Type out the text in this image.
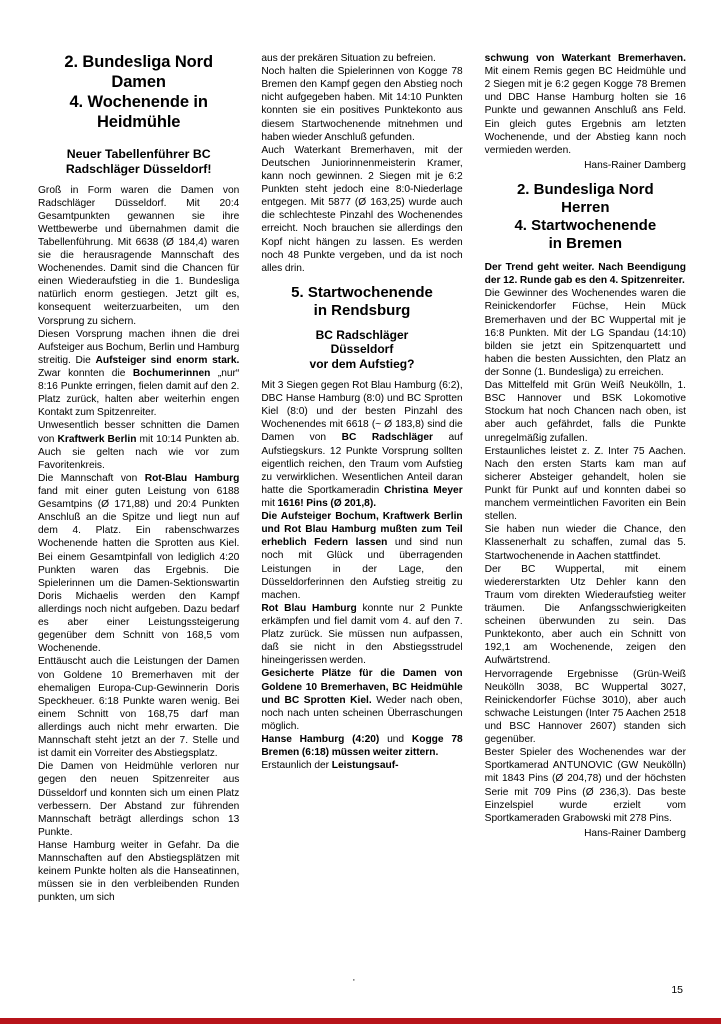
2. Bundesliga Nord Damen
4. Wochenende in Heidmühle
Neuer Tabellenführer BC
Radschläger Düsseldorf!

Groß in Form waren die Damen von Radschläger Düsseldorf. Mit 20:4 Gesamtpunkten gewannen sie ihre Wettbewerbe und übernahmen damit die Tabellenführung. Mit 6638 (Ø 184,4) waren sie die herausragende Mannschaft des Wochenendes. Damit sind die Chancen für einen Wiederaufstieg in die 1. Bundesliga natürlich enorm gestiegen. Jetzt gilt es, konsequent weiterzuarbeiten, um den Vorsprung zu sichern.

Diesen Vorsprung machen ihnen die drei Aufsteiger aus Bochum, Berlin und Hamburg streitig. Die Aufsteiger sind enorm stark. Zwar konnten die Bochumerinnen „nur“ 8:16 Punkte erringen, fielen damit auf den 2. Platz zurück, halten aber weiterhin engen Kontakt zum Spitzenreiter.

Unwesentlich besser schnitten die Damen von Kraftwerk Berlin mit 10:14 Punkten ab. Auch sie gelten nach wie vor zum Favoritenkreis.

Die Mannschaft von Rot-Blau Hamburg fand mit einer guten Leistung von 6188 Gesamtpins (Ø 171,88) und 20:4 Punkten Anschluß an die Spitze und liegt nun auf dem 4. Platz. Ein rabenschwarzes Wochenende hatten die Sprotten aus Kiel. Bei einem Gesamtpinfall von lediglich 4:20 Punkten waren das Ergebnis. Die Spielerinnen um die Damen-Sektionswartin Doris Michaelis werden den Kampf allerdings noch nicht aufgeben. Dazu bedarf es aber einer Leistungssteigerung gegenüber dem Schnitt von 168,5 vom Wochenende.

Enttäuscht auch die Leistungen der Damen von Goldene 10 Bremerhaven mit der ehemaligen Europa-Cup-Gewinnerin Doris Speckheuer. 6:18 Punkte waren wenig. Bei einem Schnitt von 168,75 darf man allerdings auch nicht mehr erwarten. Die Mannschaft steht jetzt an der 7. Stelle und ist damit ein Vorreiter des Abstiegsplatz.

Die Damen von Heidmühle verloren nur gegen den neuen Spitzenreiter aus Düsseldorf und konnten sich um einen Platz verbessern. Der Abstand zur führenden Mannschaft beträgt allerdings schon 13 Punkte.

Hanse Hamburg weiter in Gefahr. Da die Mannschaften auf den Abstiegsplätzen mit keinem Punkte holten als die Hanseatinnen, müssen sie in den verbleibenden Runden punkten, um sich

aus der prekären Situation zu befreien.

Noch halten die Spielerinnen von Kogge 78 Bremen den Kampf gegen den Abstieg noch nicht aufgegeben haben. Mit 14:10 Punkten konnten sie ein positives Punktekonto aus diesem Startwochenende mitnehmen und haben wieder Anschluß gefunden.

Auch Waterkant Bremerhaven, mit der Deutschen Juniorinnenmeisterin Kramer, kann noch gewinnen. 2 Siegen mit je 6:2 Punkten steht jedoch eine 8:0-Niederlage entgegen. Mit 5877 (Ø 163,25) wurde auch die schlechteste Pinzahl des Wochenendes erreicht. Noch brauchen sie allerdings den Kopf nicht hängen zu lassen. Es werden noch 48 Punkte vergeben, und da ist noch alles drin.

5. Startwochenende
in Rendsburg
BC Radschläger
Düsseldorf
vor dem Aufstieg?

Mit 3 Siegen gegen Rot Blau Hamburg (6:2), DBC Hanse Hamburg (8:0) und BC Sprotten Kiel (8:0) und der besten Pinzahl des Wochenendes mit 6618 (~ Ø 183,8) sind die Damen von BC Radschläger auf Aufstiegskurs. 12 Punkte Vorsprung sollten eigentlich reichen, den Traum vom Aufstieg zu verwirklichen. Wesentlichen Anteil daran hatte die Sportkameradin Christina Meyer mit 1616! Pins (Ø 201,8).

Die Aufsteiger Bochum, Kraftwerk Berlin und Rot Blau Hamburg mußten zum Teil erheblich Federn lassen und sind nun noch mit Glück und überragenden Leistungen in der Lage, den Düsseldorferinnen den Aufstieg streitig zu machen.

Rot Blau Hamburg konnte nur 2 Punkte erkämpfen und fiel damit vom 4. auf den 7. Platz zurück. Sie müssen nun aufpassen, daß sie nicht in den Abstiegsstrudel hineingerissen werden.

Gesicherte Plätze für die Damen von Goldene 10 Bremerhaven, BC Heidmühle und BC Sprotten Kiel. Weder nach oben, noch nach unten scheinen Überraschungen möglich.

Hanse Hamburg (4:20) und Kogge 78 Bremen (6:18) müssen weiter zittern.

Erstaunlich der Leistungsauf-

schwung von Waterkant Bremerhaven. Mit einem Remis gegen BC Heidmühle und 2 Siegen mit je 6:2 gegen Kogge 78 Bremen und DBC Hanse Hamburg holten sie 16 Punkte und gewannen Anschluß ans Feld. Ein gleich gutes Ergebnis am letzten Wochenende, und der Abstieg kann noch vermieden werden.

Hans-Rainer Damberg

2. Bundesliga Nord
Herren
4. Startwochenende
in Bremen

Der Trend geht weiter. Nach Beendigung der 12. Runde gab es den 4. Spitzenreiter.

Die Gewinner des Wochenendes waren die Reinickendorfer Füchse, Hein Mück Bremerhaven und der BC Wuppertal mit je 16:8 Punkten. Mit der LG Spandau (14:10) bilden sie jetzt ein Spitzenquartett und haben die besten Aussichten, den Platz an der Sonne (1. Bundesliga) zu erreichen.

Das Mittelfeld mit Grün Weiß Neukölln, 1. BSC Hannover und BSK Lokomotive Stockum hat noch Chancen nach oben, ist aber auch gefährdet, falls die Punkte unregelmäßig zufallen.

Erstaunliches leistet z. Z. Inter 75 Aachen. Nach den ersten Starts kam man auf sicherer Absteiger gehandelt, holen sie Punkt für Punkt auf und konnten dabei so manchem vermeintlichen Favoriten ein Bein stellen.

Sie haben nun wieder die Chance, den Klassenerhalt zu schaffen, zumal das 5. Startwochenende in Aachen stattfindet.

Der BC Wuppertal, mit einem wiedererstarkten Utz Dehler kann den Traum vom direkten Wiederaufstieg weiter träumen. Die Anfangsschwierigkeiten scheinen überwunden zu sein. Das Punktekonto, aber auch ein Schnitt von 192,1 am Wochenende, zeigen den Aufwärtstrend.

Hervorragende Ergebnisse (Grün-Weiß Neukölln 3038, BC Wuppertal 3027, Reinickendorfer Füchse 3010), aber auch schwache Leistungen (Inter 75 Aachen 2518 und BSC Hannover 2607) standen sich gegenüber.

Bester Spieler des Wochenendes war der Sportkamerad ANTUNOVIC (GW Neukölln) mit 1843 Pins (Ø 204,78) und der höchsten Serie mit 709 Pins (Ø 236,3). Das beste Einzelspiel wurde erzielt vom Sportkameraden Grabowski mit 278 Pins.

Hans-Rainer Damberg

·
15
